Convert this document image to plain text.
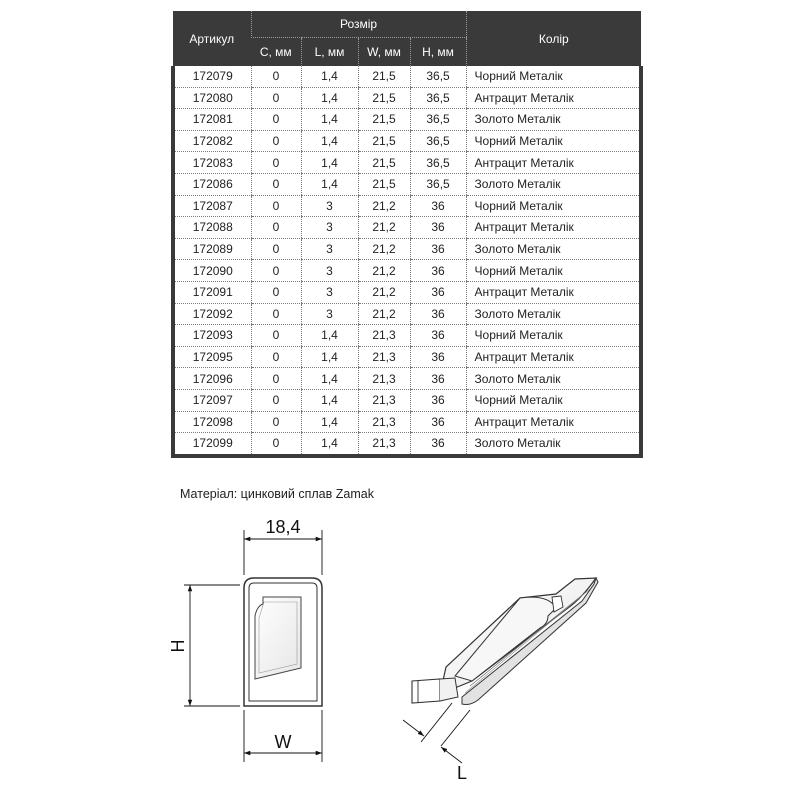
Артикул	Розмір				Колір
	C, мм	L, мм	W, мм	H, мм	
172079	0	1,4	21,5	36,5	Чорний Металік
172080	0	1,4	21,5	36,5	Антрацит Металік
172081	0	1,4	21,5	36,5	Золото Металік
172082	0	1,4	21,5	36,5	Чорний Металік
172083	0	1,4	21,5	36,5	Антрацит Металік
172086	0	1,4	21,5	36,5	Золото Металік
172087	0	3	21,2	36	Чорний Металік
172088	0	3	21,2	36	Антрацит Металік
172089	0	3	21,2	36	Золото Металік
172090	0	3	21,2	36	Чорний Металік
172091	0	3	21,2	36	Антрацит Металік
172092	0	3	21,2	36	Золото Металік
172093	0	1,4	21,3	36	Чорний Металік
172095	0	1,4	21,3	36	Антрацит Металік
172096	0	1,4	21,3	36	Золото Металік
172097	0	1,4	21,3	36	Чорний Металік
172098	0	1,4	21,3	36	Антрацит Металік
172099	0	1,4	21,3	36	Золото Металік
Матеріал: цинковий сплав Zamak
18,4
H
W
L
